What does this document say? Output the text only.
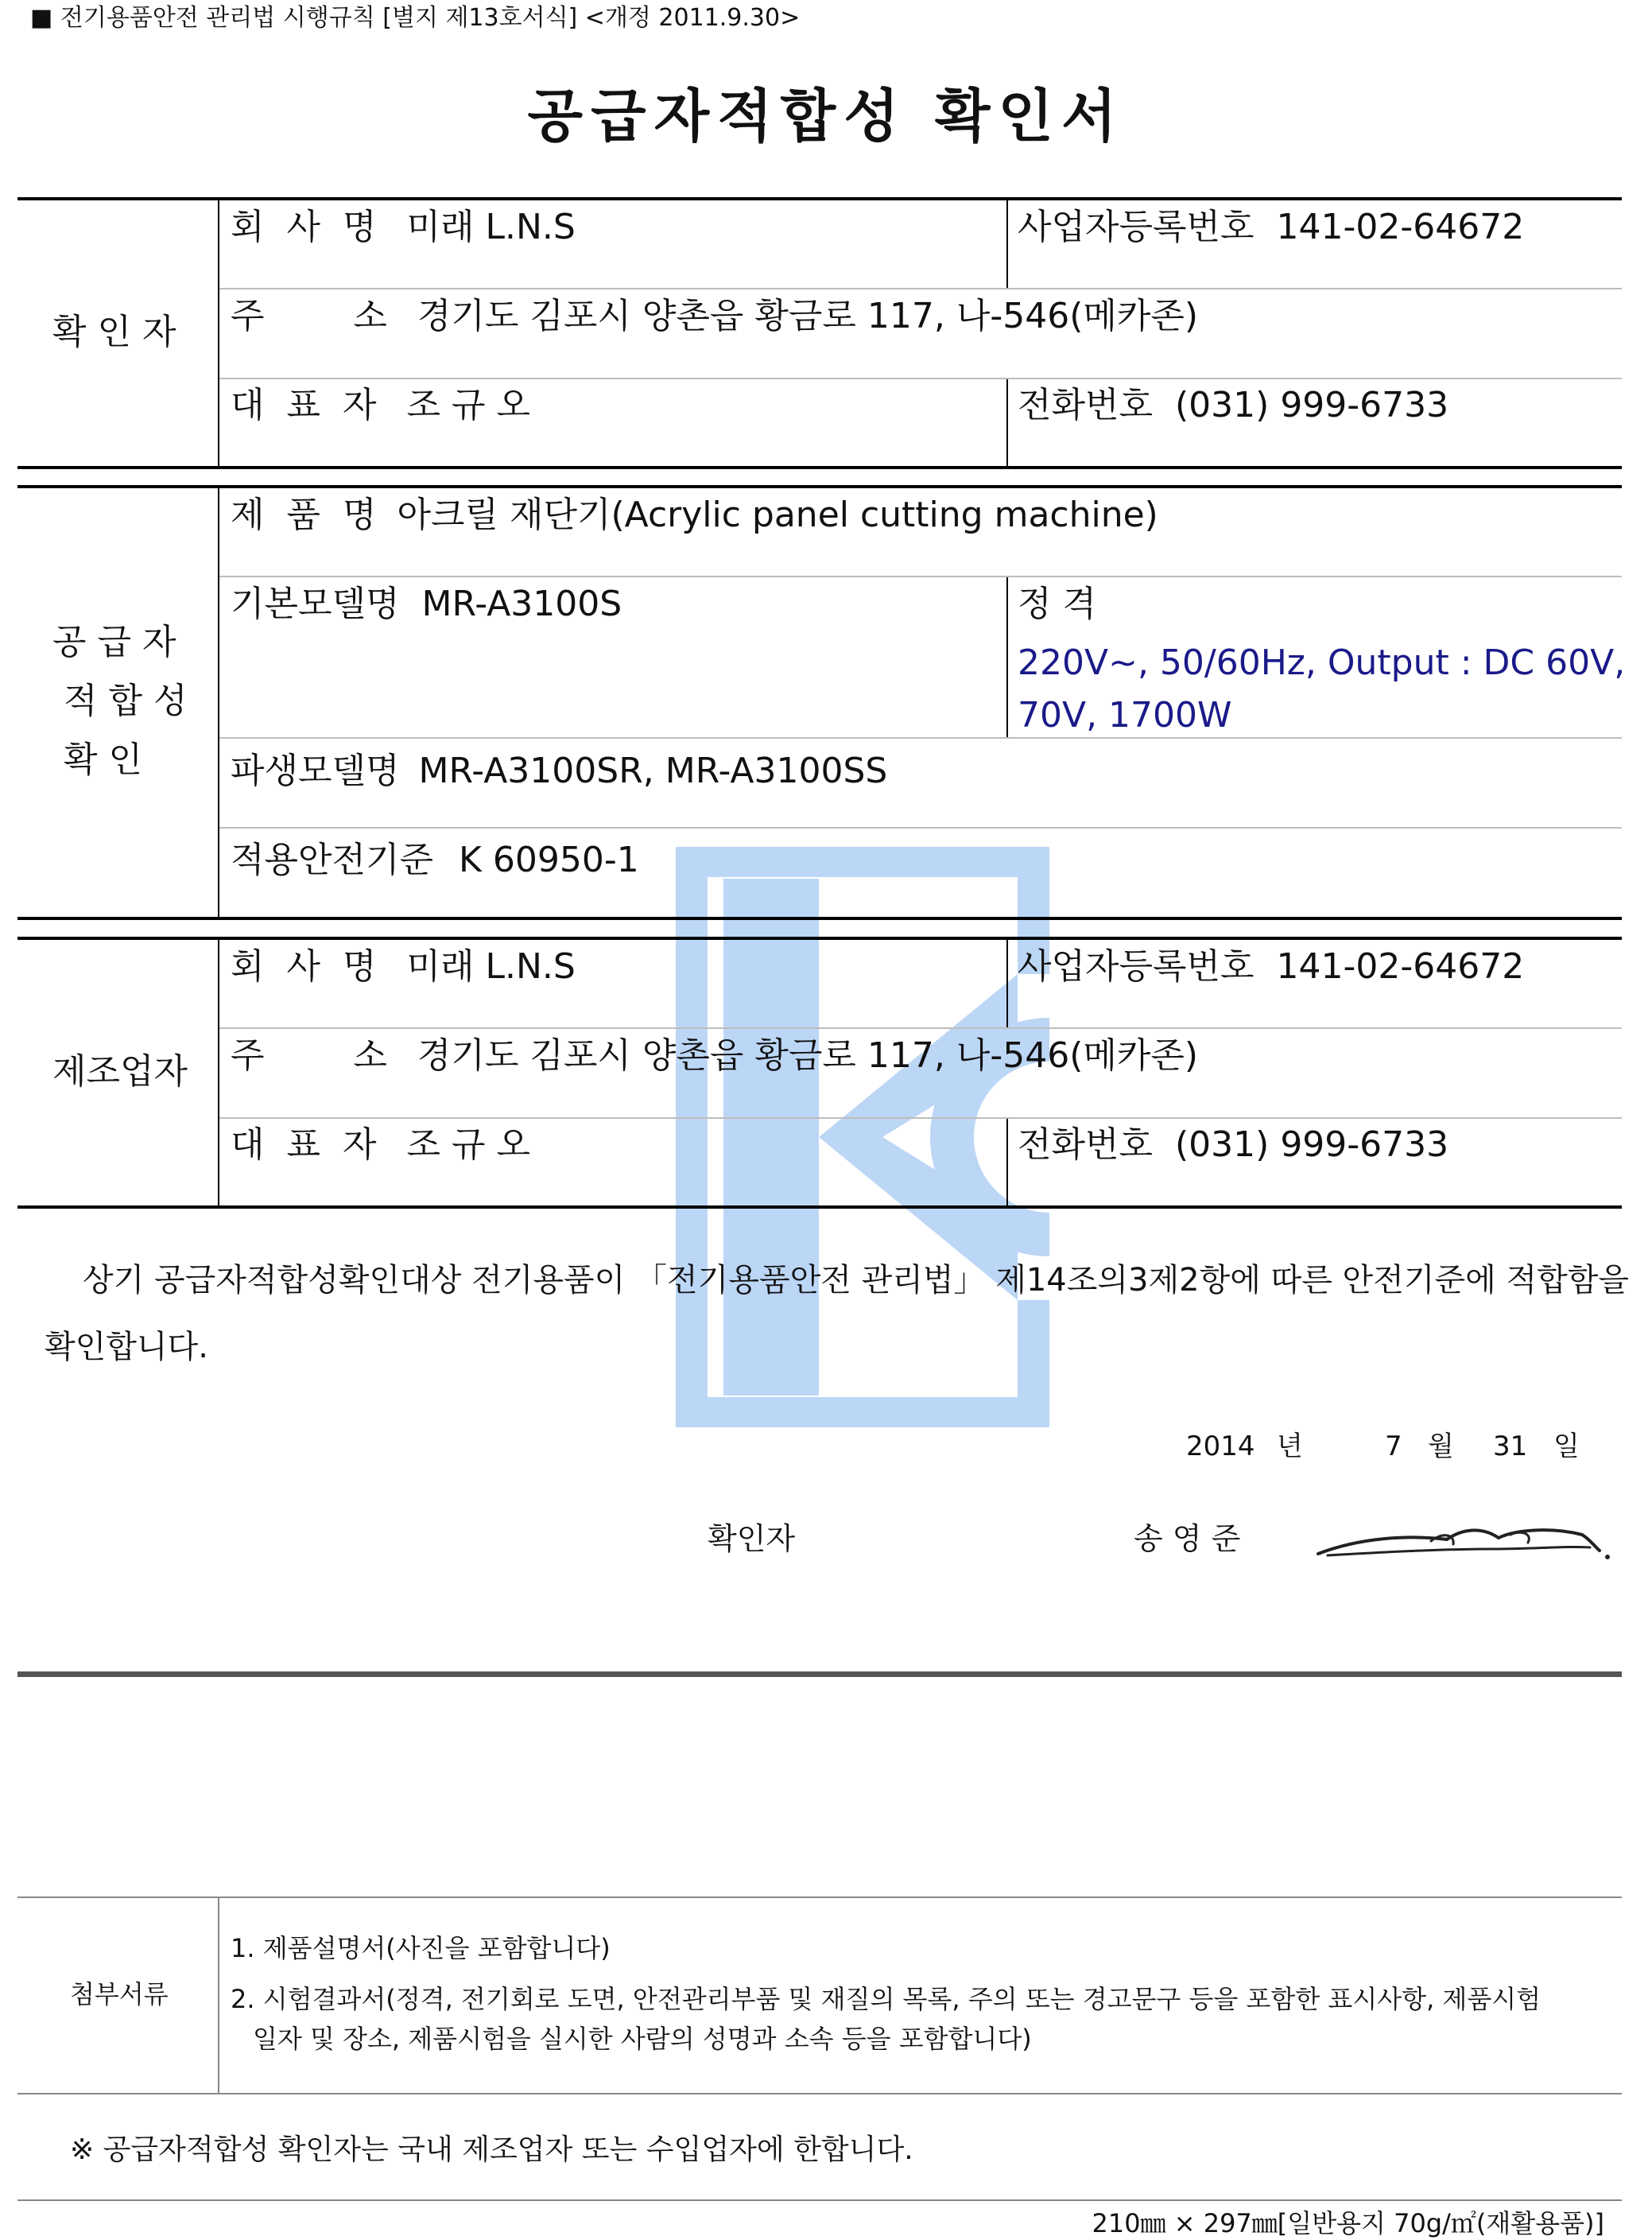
■ 전기용품안전 관리법 시행규칙 [별지 제13호서식] <개정 2011.9.30>
공급자적합성 확인서
확 인 자
회  사  명 미래 L.N.S	사업자등록번호 141-02-64672
주        소 경기도 김포시 양촌읍 황금로 117, 나-546(메카존)
대  표  자 조 규 오	전화번호 (031) 999-6733
공 급 자
적 합 성
확 인
제  품  명 아크릴 재단기(Acrylic panel cutting machine)
기본모델명 MR-A3100S	정 격
220V~, 50/60Hz, Output : DC 60V,
70V, 1700W
파생모델명 MR-A3100SR, MR-A3100SS
적용안전기준 K 60950-1
제조업자
회  사  명 미래 L.N.S	사업자등록번호 141-02-64672
주        소 경기도 김포시 양촌읍 황금로 117, 나-546(메카존)
대  표  자 조 규 오	전화번호 (031) 999-6733
상기 공급자적합성확인대상 전기용품이 「전기용품안전 관리법」 제14조의3제2항에 따른 안전기준에 적합함을
확인합니다.
2014 년	7 월 31 일
확인자	송 영 준
첨부서류
1. 제품설명서(사진을 포함합니다)
2. 시험결과서(정격, 전기회로 도면, 안전관리부품 및 재질의 목록, 주의 또는 경고문구 등을 포함한 표시사항, 제품시험
일자 및 장소, 제품시험을 실시한 사람의 성명과 소속 등을 포함합니다)
※ 공급자적합성 확인자는 국내 제조업자 또는 수입업자에 한합니다.
210㎜ × 297㎜[일반용지 70g/㎡(재활용품)]
